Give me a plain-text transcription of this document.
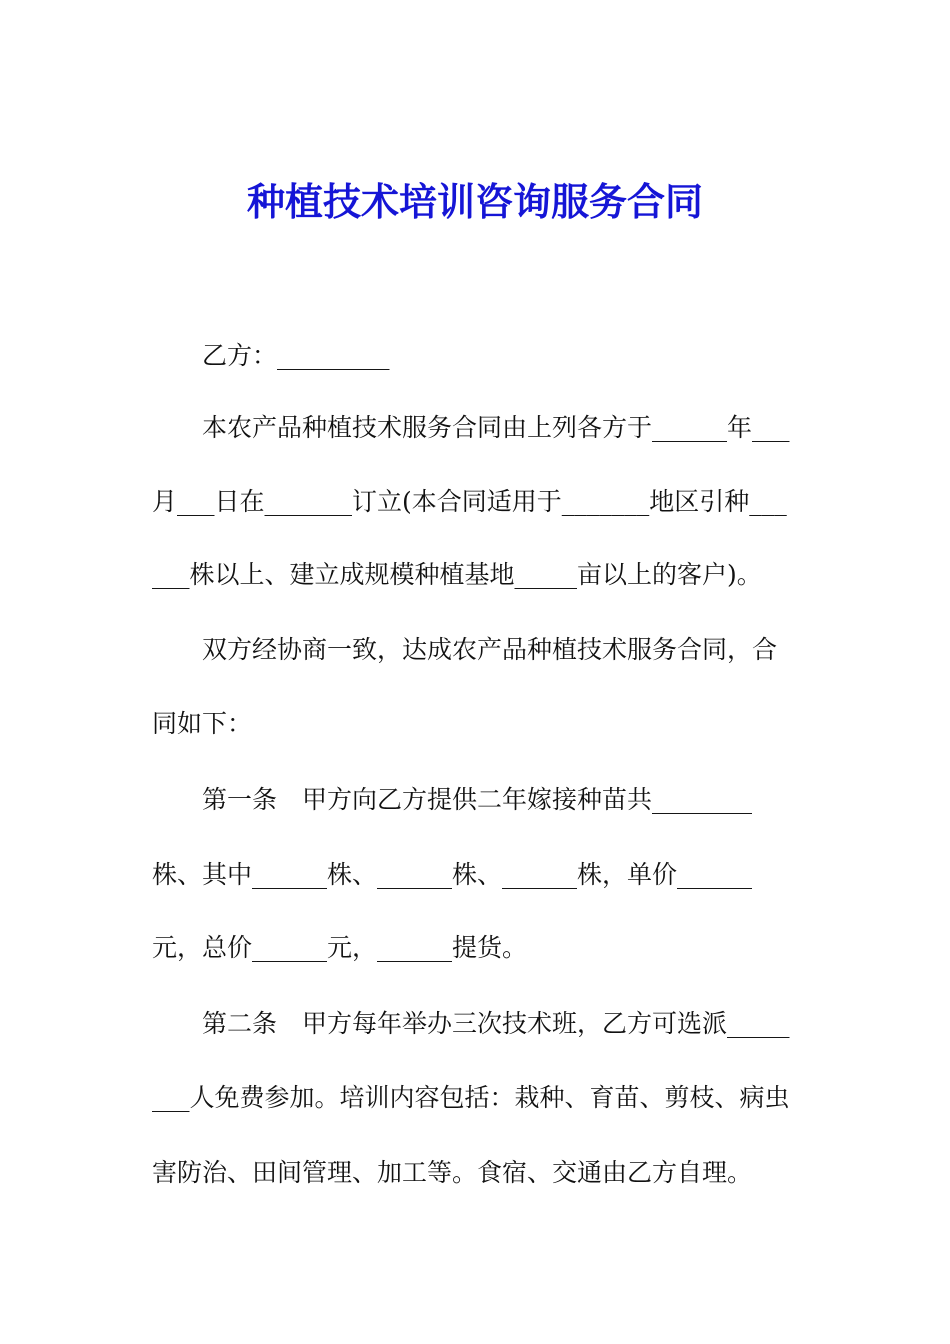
种植技术培训咨询服务合同
乙方：_________
本农产品种植技术服务合同由上列各方于______年___
月___日在_______订立(本合同适用于_______地区引种___
___株以上、建立成规模种植基地_____亩以上的客户)。
双方经协商一致，达成农产品种植技术服务合同，合
同如下：
第一条　甲方向乙方提供二年嫁接种苗共________
株、其中______株、______株、______株，单价______
元，总价______元，______提货。
第二条　甲方每年举办三次技术班，乙方可选派_____
___人免费参加。培训内容包括：栽种、育苗、剪枝、病虫
害防治、田间管理、加工等。食宿、交通由乙方自理。
